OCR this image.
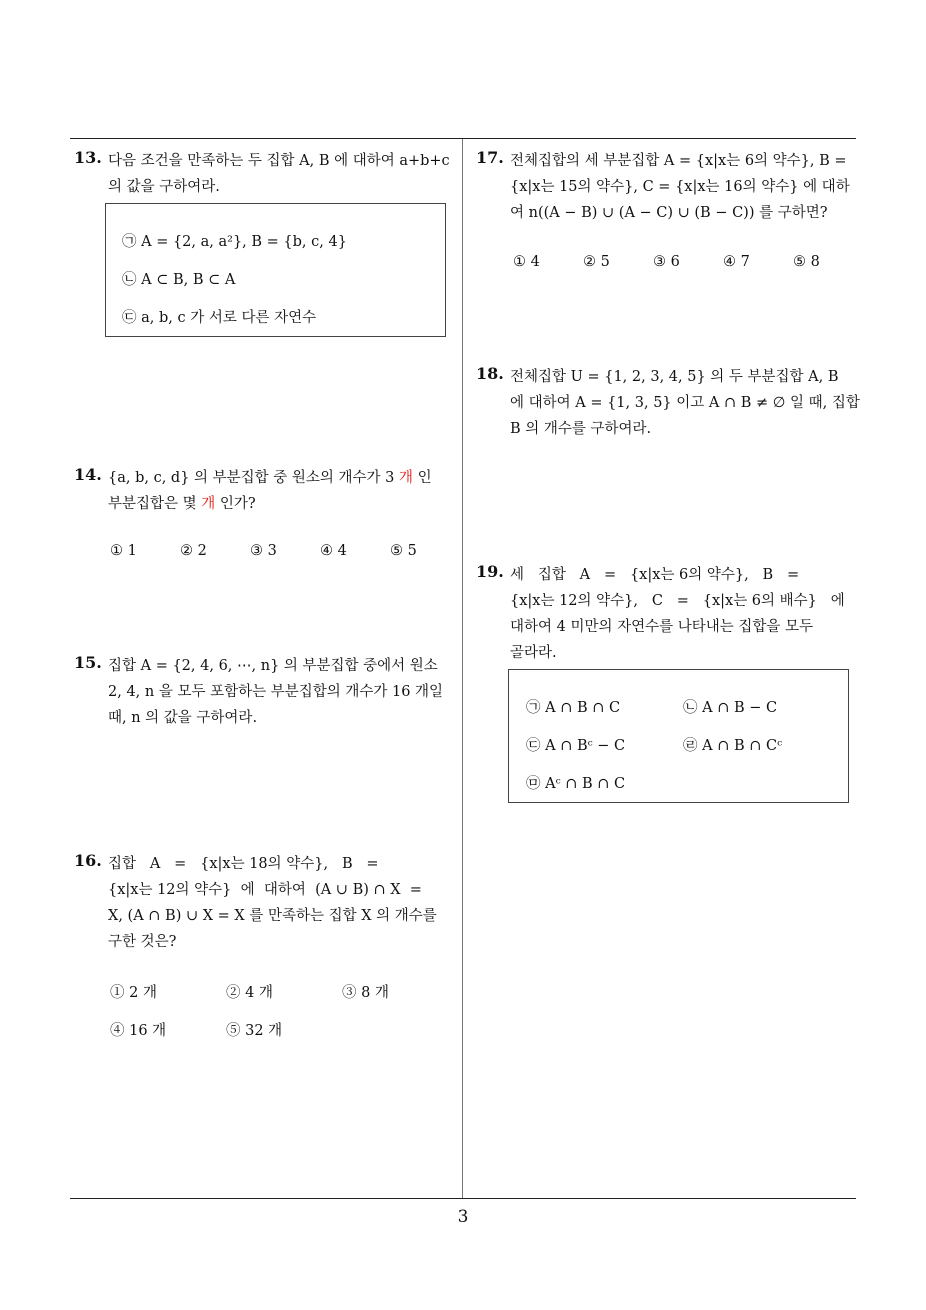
13. 다음 조건을 만족하는 두 집합 A, B 에 대하여 a+b+c
의 값을 구하여라.
㉠ A = {2, a, a²}, B = {b, c, 4}
㉡ A ⊂ B, B ⊂ A
㉢ a, b, c 가 서로 다른 자연수
14. {a, b, c, d} 의 부분집합 중 원소의 개수가 3 개 인
부분집합은 몇 개 인가?
① 1	② 2	③ 3	④ 4	⑤ 5
15. 집합 A = {2, 4, 6, ⋯, n} 의 부분집합 중에서 원소
2, 4, n 을 모두 포함하는 부분집합의 개수가 16 개일
때, n 의 값을 구하여라.
16. 집합   A   =   {x|x는 18의 약수},   B   =
{x|x는 12의 약수}  에  대하여  (A ∪ B) ∩ X  =
X, (A ∩ B) ∪ X = X 를 만족하는 집합 X 의 개수를
구한 것은?
① 2 개	② 4 개	③ 8 개
④ 16 개	⑤ 32 개
17. 전체집합의 세 부분집합 A = {x|x는 6의 약수}, B =
{x|x는 15의 약수}, C = {x|x는 16의 약수} 에 대하
여 n((A − B) ∪ (A − C) ∪ (B − C)) 를 구하면?
① 4	② 5	③ 6	④ 7	⑤ 8
18. 전체집합 U = {1, 2, 3, 4, 5} 의 두 부분집합 A, B
에 대하여 A = {1, 3, 5} 이고 A ∩ B ≠ ∅ 일 때, 집합
B 의 개수를 구하여라.
19. 세   집합   A   =   {x|x는 6의 약수},   B   =
{x|x는 12의 약수},   C   =   {x|x는 6의 배수}   에
대하여 4 미만의 자연수를 나타내는 집합을 모두
골라라.
㉠ A ∩ B ∩ C	㉡ A ∩ B − C
㉢ A ∩ Bᶜ − C	㉣ A ∩ B ∩ Cᶜ
㉤ Aᶜ ∩ B ∩ C
3
